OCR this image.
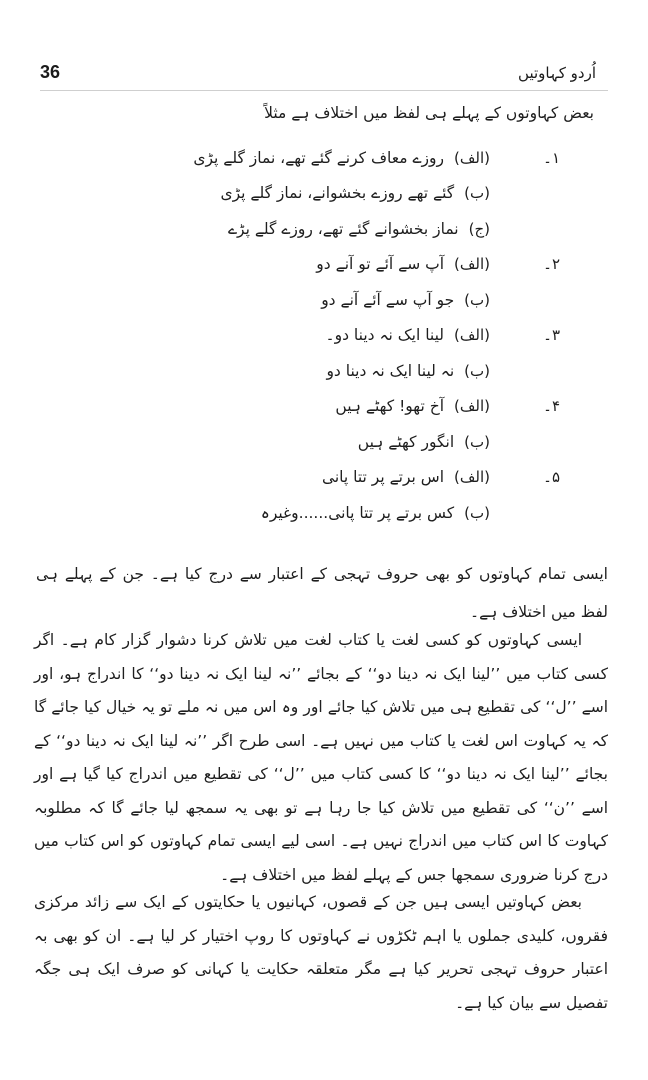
36	اُردو کہاوتیں
بعض کہاوتوں کے پہلے ہی لفظ میں اختلاف ہے مثلاً
۱۔
(الف)
روزے معاف کرنے گئے تھے، نماز گلے پڑی
(ب)
گئے تھے روزے بخشوانے، نماز گلے پڑی
(ج)
نماز بخشوانے گئے تھے، روزے گلے پڑے
۲۔
(الف)
آپ سے آئے تو آنے دو
(ب)
جو آپ سے آئے آنے دو
۳۔
(الف)
لینا ایک نہ دینا دو۔
(ب)
نہ لینا ایک نہ دینا دو
۴۔
(الف)
آخ تھو! کھٹے ہیں
(ب)
انگور کھٹے ہیں
۵۔
(الف)
اس برتے پر تتا پانی
(ب)
کس برتے پر تتا پانی......وغیرہ
ایسی تمام کہاوتوں کو بھی حروف تہجی کے اعتبار سے درج کیا ہے۔ جن کے پہلے ہی لفظ میں اختلاف ہے۔

ایسی کہاوتوں کو کسی لغت یا کتاب لغت میں تلاش کرنا دشوار گزار کام ہے۔ اگر کسی کتاب میں ’’لینا ایک نہ دینا دو‘‘ کے بجائے ’’نہ لینا ایک نہ دینا دو‘‘ کا اندراج ہو، اور اسے ’’ل‘‘ کی تقطیع ہی میں تلاش کیا جائے اور وہ اس میں نہ ملے تو یہ خیال کیا جائے گا کہ یہ کہاوت اس لغت یا کتاب میں نہیں ہے۔ اسی طرح اگر ’’نہ لینا ایک نہ دینا دو‘‘ کے بجائے ’’لینا ایک نہ دینا دو‘‘ کا کسی کتاب میں ’’ل‘‘ کی تقطیع میں اندراج کیا گیا ہے اور اسے ’’ن‘‘ کی تقطیع میں تلاش کیا جا رہا ہے تو بھی یہ سمجھ لیا جائے گا کہ مطلوبہ کہاوت کا اس کتاب میں اندراج نہیں ہے۔ اسی لیے ایسی تمام کہاوتوں کو اس کتاب میں درج کرنا ضروری سمجھا جس کے پہلے لفظ میں اختلاف ہے۔

بعض کہاوتیں ایسی ہیں جن کے قصوں، کہانیوں یا حکایتوں کے ایک سے زائد مرکزی فقروں، کلیدی جملوں یا اہم ٹکڑوں نے کہاوتوں کا روپ اختیار کر لیا ہے۔ ان کو بھی بہ اعتبار حروف تہجی تحریر کیا ہے مگر متعلقہ حکایت یا کہانی کو صرف ایک ہی جگہ تفصیل سے بیان کیا ہے۔
